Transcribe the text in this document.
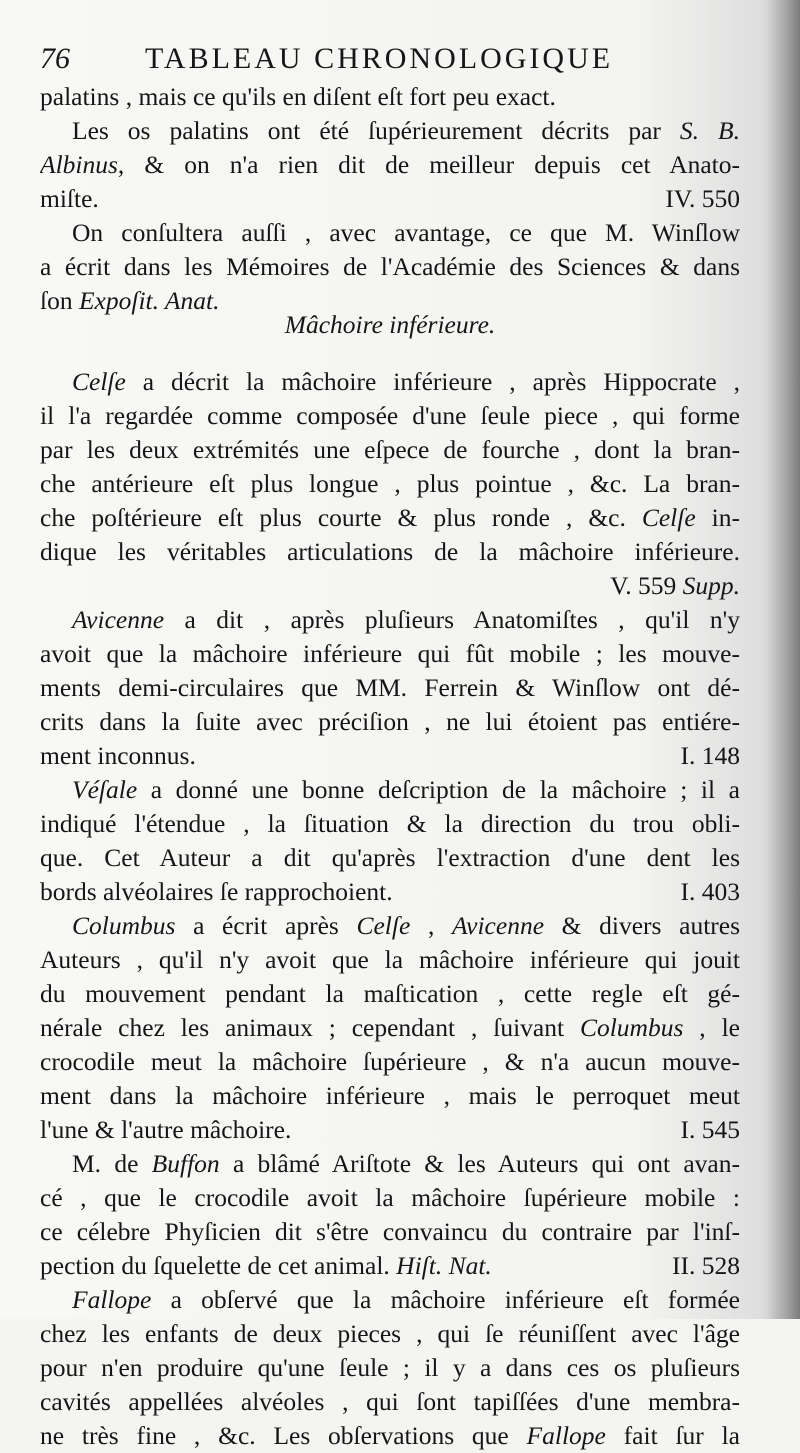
76	TABLEAU CHRONOLOGIQUE
palatins , mais ce qu'ils en diſent eſt fort peu exact.
Les os palatins ont été ſupérieurement décrits par S. B.
Albinus, & on n'a rien dit de meilleur depuis cet Anato-
miſte.	IV. 550
On conſultera auſſi , avec avantage, ce que M. Winſlow
a écrit dans les Mémoires de l'Académie des Sciences & dans
ſon Expoſit. Anat.
Mâchoire inférieure.
Celſe a décrit la mâchoire inférieure , après Hippocrate ,
il l'a regardée comme composée d'une ſeule piece , qui forme
par les deux extrémités une eſpece de fourche , dont la bran-
che antérieure eſt plus longue , plus pointue , &c. La bran-
che poſtérieure eſt plus courte & plus ronde , &c. Celſe in-
dique les véritables articulations de la mâchoire inférieure.
V. 559 Supp.
Avicenne a dit , après pluſieurs Anatomiſtes , qu'il n'y
avoit que la mâchoire inférieure qui fût mobile ; les mouve-
ments demi-circulaires que MM. Ferrein & Winſlow ont dé-
crits dans la ſuite avec préciſion , ne lui étoient pas entiére-
ment inconnus.	I. 148
Véſale a donné une bonne deſcription de la mâchoire ; il a
indiqué l'étendue , la ſituation & la direction du trou obli-
que. Cet Auteur a dit qu'après l'extraction d'une dent les
bords alvéolaires ſe rapprochoient.	I. 403
Columbus a écrit après Celſe , Avicenne & divers autres
Auteurs , qu'il n'y avoit que la mâchoire inférieure qui jouit
du mouvement pendant la maſtication , cette regle eſt gé-
nérale chez les animaux ; cependant , ſuivant Columbus , le
crocodile meut la mâchoire ſupérieure , & n'a aucun mouve-
ment dans la mâchoire inférieure , mais le perroquet meut
l'une & l'autre mâchoire.	I. 545
M. de Buffon a blâmé Ariſtote & les Auteurs qui ont avan-
cé , que le crocodile avoit la mâchoire ſupérieure mobile :
ce célebre Phyſicien dit s'être convaincu du contraire par l'inſ-
pection du ſquelette de cet animal. Hiſt. Nat.	II. 528
Fallope a obſervé que la mâchoire inférieure eſt formée
chez les enfants de deux pieces , qui ſe réuniſſent avec l'âge
pour n'en produire qu'une ſeule ; il y a dans ces os pluſieurs
cavités appellées alvéoles , qui ſont tapiſſées d'une membra-
ne très fine , &c. Les obſervations que Fallope fait ſur la
